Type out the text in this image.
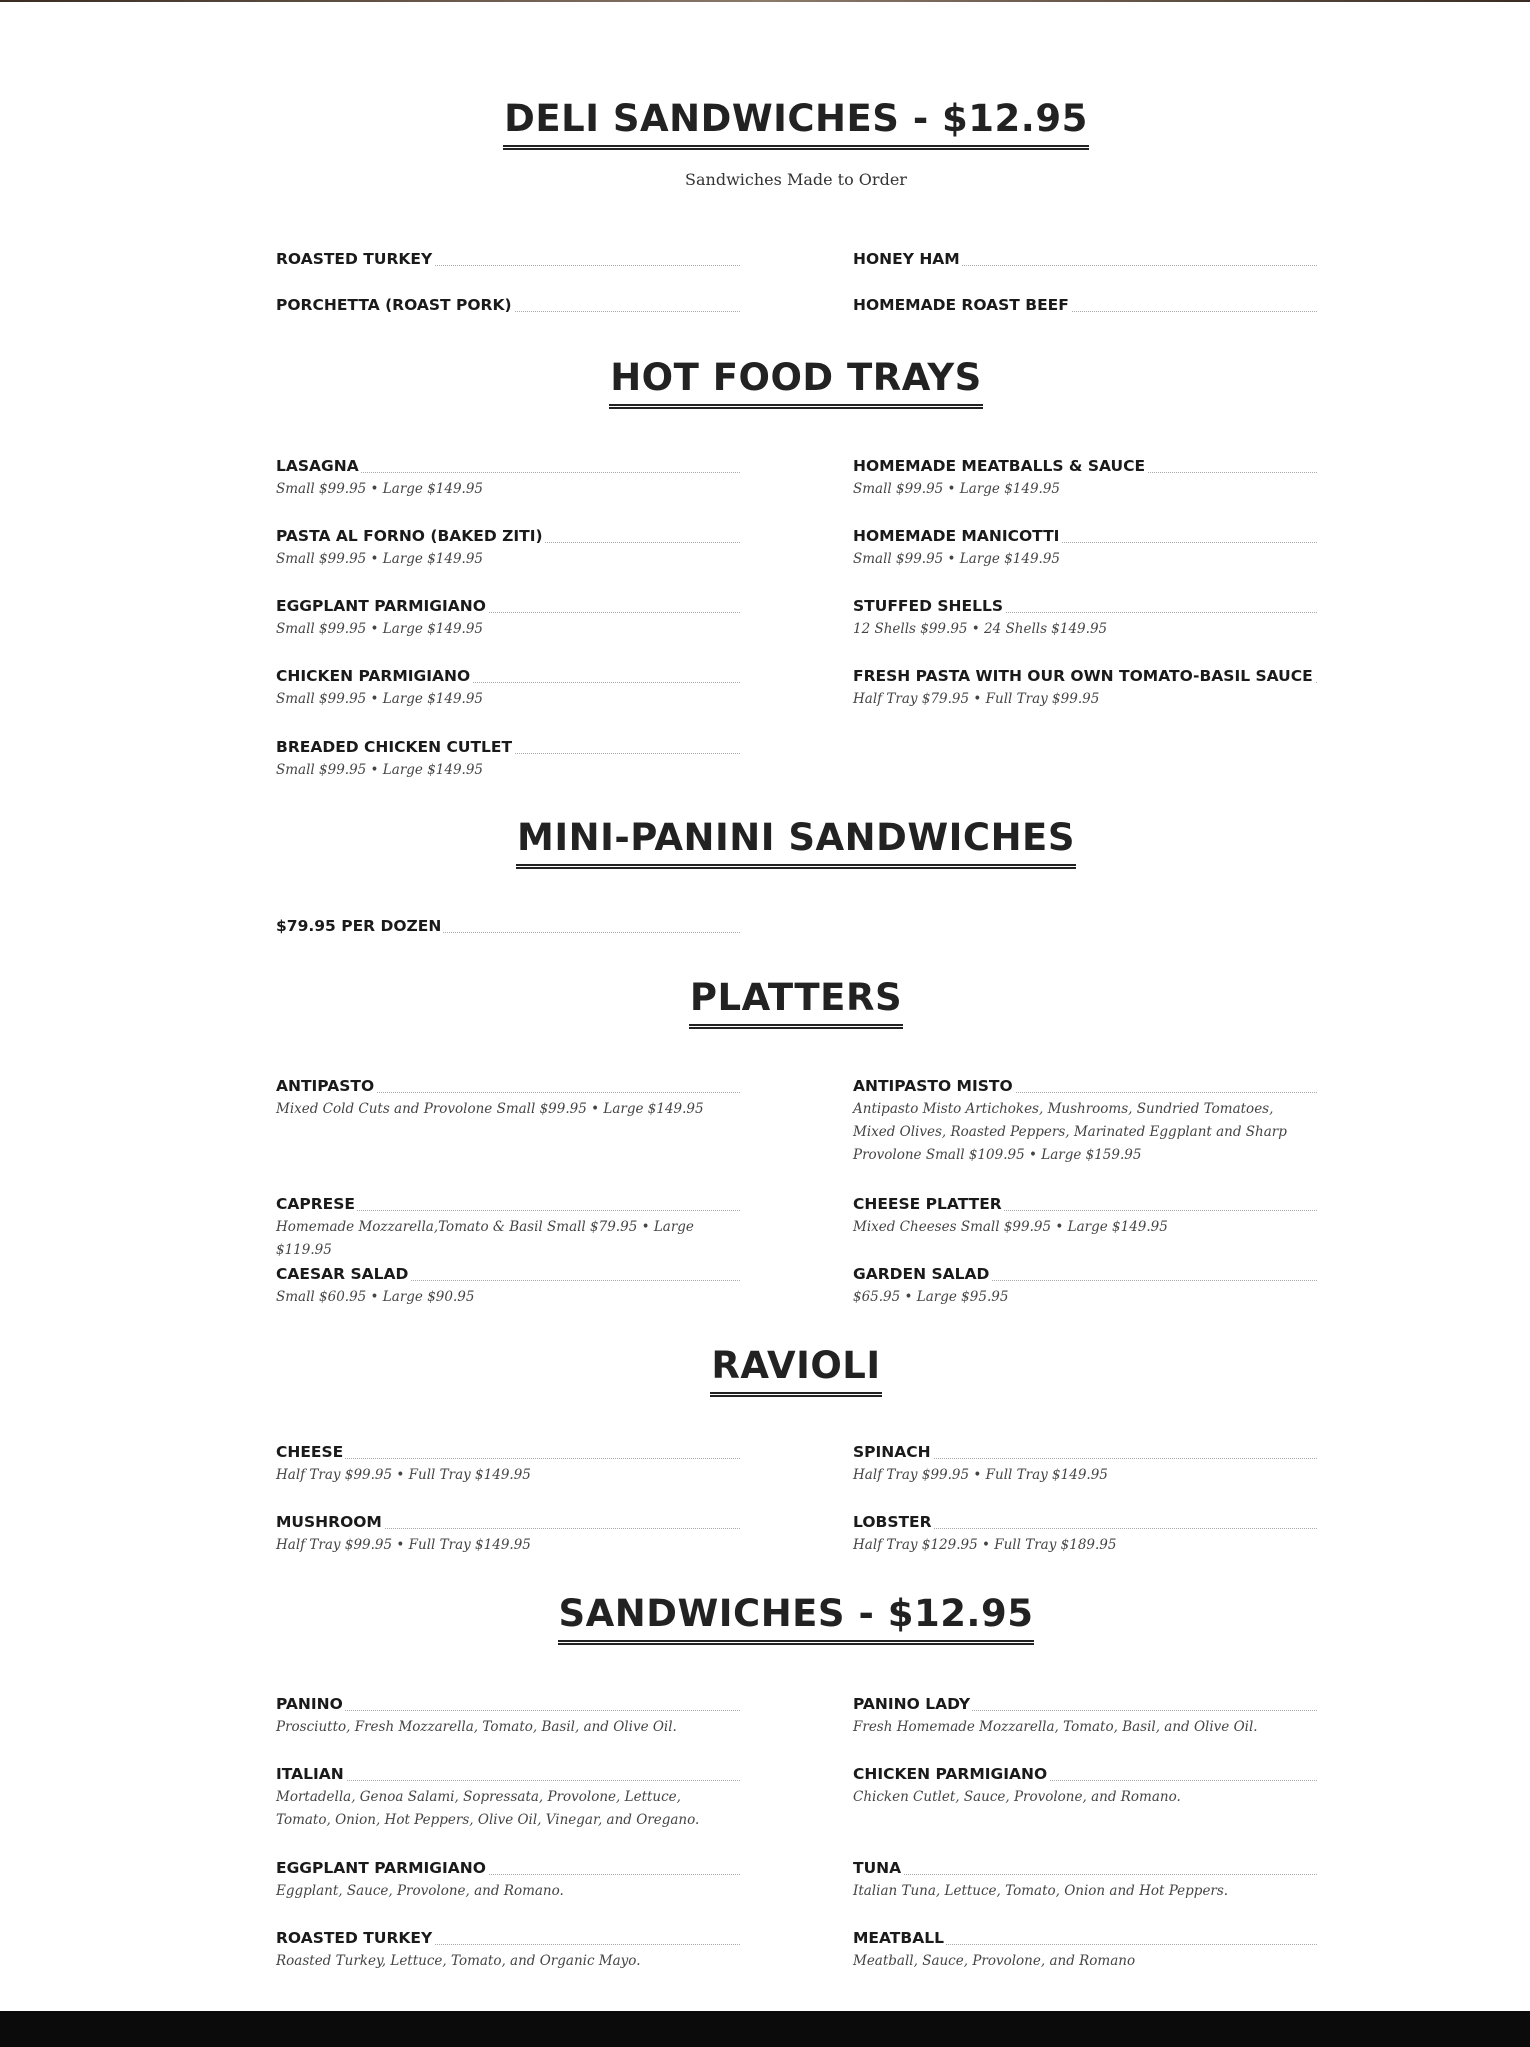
DELI SANDWICHES - $12.95
Sandwiches Made to Order
ROASTED TURKEY	HONEY HAM
PORCHETTA (ROAST PORK)	HOMEMADE ROAST BEEF
HOT FOOD TRAYS
LASAGNA
Small $99.95 • Large $149.95
HOMEMADE MEATBALLS & SAUCE
Small $99.95 • Large $149.95
PASTA AL FORNO (BAKED ZITI)
Small $99.95 • Large $149.95
HOMEMADE MANICOTTI
Small $99.95 • Large $149.95
EGGPLANT PARMIGIANO
Small $99.95 • Large $149.95
STUFFED SHELLS
12 Shells $99.95 • 24 Shells $149.95
CHICKEN PARMIGIANO
Small $99.95 • Large $149.95
FRESH PASTA WITH OUR OWN TOMATO-BASIL SAUCE
Half Tray $79.95 • Full Tray $99.95
BREADED CHICKEN CUTLET
Small $99.95 • Large $149.95
MINI-PANINI SANDWICHES
$79.95 PER DOZEN
PLATTERS
ANTIPASTO
Mixed Cold Cuts and Provolone Small $99.95 • Large $149.95
ANTIPASTO MISTO
Antipasto Misto Artichokes, Mushrooms, Sundried Tomatoes, Mixed Olives, Roasted Peppers, Marinated Eggplant and Sharp Provolone Small $109.95 • Large $159.95
CAPRESE
Homemade Mozzarella,Tomato & Basil Small $79.95 • Large $119.95
CHEESE PLATTER
Mixed Cheeses Small $99.95 • Large $149.95
CAESAR SALAD
Small $60.95 • Large $90.95
GARDEN SALAD
$65.95 • Large $95.95
RAVIOLI
CHEESE
Half Tray $99.95 • Full Tray $149.95
SPINACH
Half Tray $99.95 • Full Tray $149.95
MUSHROOM
Half Tray $99.95 • Full Tray $149.95
LOBSTER
Half Tray $129.95 • Full Tray $189.95
SANDWICHES - $12.95
PANINO
Prosciutto, Fresh Mozzarella, Tomato, Basil, and Olive Oil.
PANINO LADY
Fresh Homemade Mozzarella, Tomato, Basil, and Olive Oil.
ITALIAN
Mortadella, Genoa Salami, Sopressata, Provolone, Lettuce, Tomato, Onion, Hot Peppers, Olive Oil, Vinegar, and Oregano.
CHICKEN PARMIGIANO
Chicken Cutlet, Sauce, Provolone, and Romano.
EGGPLANT PARMIGIANO
Eggplant, Sauce, Provolone, and Romano.
TUNA
Italian Tuna, Lettuce, Tomato, Onion and Hot Peppers.
ROASTED TURKEY
Roasted Turkey, Lettuce, Tomato, and Organic Mayo.
MEATBALL
Meatball, Sauce, Provolone, and Romano
